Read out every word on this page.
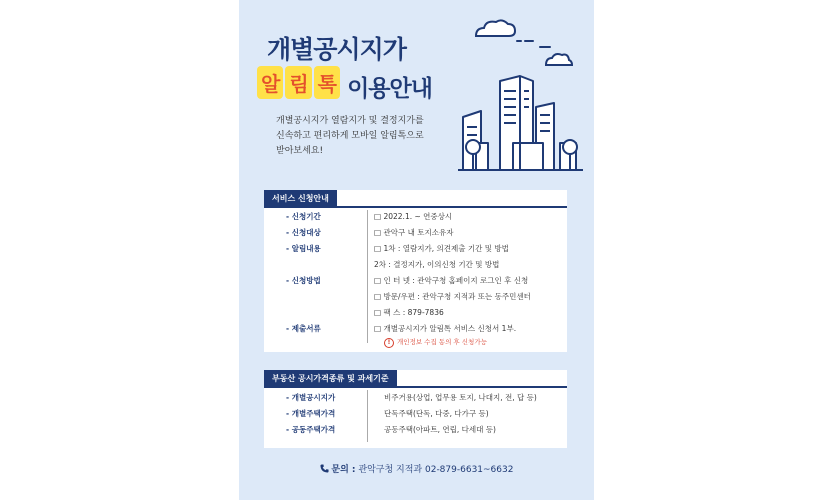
개별공시지가
알 림 톡 이용안내
개별공시지가 열람지가 및 결정지가를
신속하고 편리하게 모바일 알림톡으로
받아보세요!
서비스 신청안내
- 신청기간	□ 2022.1. ~ 연중상시
- 신청대상	□ 관악구 내 토지소유자
- 알림내용	□ 1차 : 열람지가, 의견제출 기간 및 방법
2차 : 결정지가, 이의신청 기간 및 방법
- 신청방법	□ 인 터 넷 : 관악구청 홈페이지 로그인 후 신청
□ 방문/우편 : 관악구청 지적과 또는 동주민센터
□ 팩 스 : 879-7836
- 제출서류	□ 개별공시지가 알림톡 서비스 신청서 1부.
! 개인정보 수집 동의 후 신청가능
부동산 공시가격종류 및 과세기준
- 개별공시지가	비주거용(상업, 업무용 토지, 나대지, 전, 답 등)
- 개별주택가격	단독주택(단독, 다중, 다가구 등)
- 공동주택가격	공동주택(아파트, 연립, 다세대 등)
문의 : 관악구청 지적과 02-879-6631~6632
